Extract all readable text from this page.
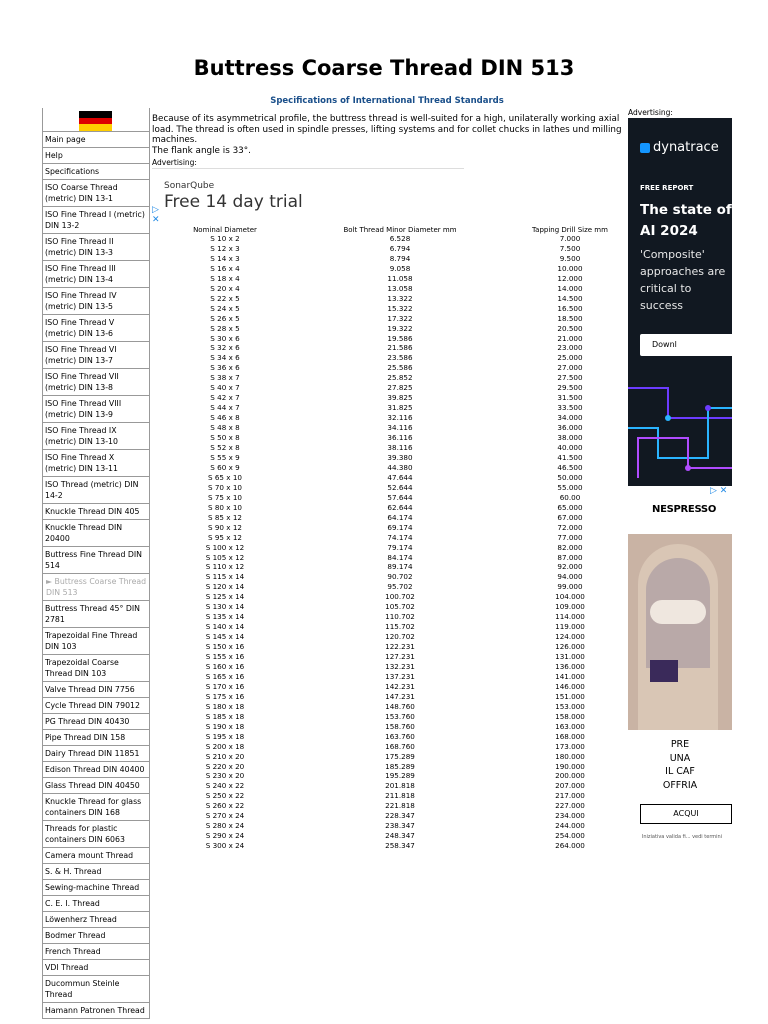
Buttress Coarse Thread DIN 513
Specifications of International Thread Standards
Main page
Help
Specifications
ISO Coarse Thread (metric) DIN 13-1
ISO Fine Thread I (metric) DIN 13-2
ISO Fine Thread II (metric) DIN 13-3
ISO Fine Thread III (metric) DIN 13-4
ISO Fine Thread IV (metric) DIN 13-5
ISO Fine Thread V (metric) DIN 13-6
ISO Fine Thread VI (metric) DIN 13-7
ISO Fine Thread VII (metric) DIN 13-8
ISO Fine Thread VIII (metric) DIN 13-9
ISO Fine Thread IX (metric) DIN 13-10
ISO Fine Thread X (metric) DIN 13-11
ISO Thread (metric) DIN 14-2
Knuckle Thread DIN 405
Knuckle Thread DIN 20400
Buttress Fine Thread DIN 514
► Buttress Coarse Thread DIN 513
Buttress Thread 45° DIN 2781
Trapezoidal Fine Thread DIN 103
Trapezoidal Coarse Thread DIN 103
Valve Thread DIN 7756
Cycle Thread DIN 79012
PG Thread DIN 40430
Pipe Thread DIN 158
Dairy Thread DIN 11851
Edison Thread DIN 40400
Glass Thread DIN 40450
Knuckle Thread for glass containers DIN 168
Threads for plastic containers DIN 6063
Camera mount Thread
S. & H. Thread
Sewing-machine Thread
C. E. I. Thread
Löwenherz Thread
Bodmer Thread
French Thread
VDI Thread
Ducommun Steinle Thread
Hamann Patronen Thread
Because of its asymmetrical profile, the buttress thread is well-suited for a high, unilaterally working axial load. The thread is often used in spindle presses, lifting systems and for collet chucks in lathes und milling machines.
The flank angle is 33°.
Advertising:
SonarQube
Free 14 day trial
▷
✕
Nominal Diameter	Bolt Thread Minor Diameter mm	Tapping Drill Size mm
S 10 x 2	6.528	7.000
S 12 x 3	6.794	7.500
S 14 x 3	8.794	9.500
S 16 x 4	9.058	10.000
S 18 x 4	11.058	12.000
S 20 x 4	13.058	14.000
S 22 x 5	13.322	14.500
S 24 x 5	15.322	16.500
S 26 x 5	17.322	18.500
S 28 x 5	19.322	20.500
S 30 x 6	19.586	21.000
S 32 x 6	21.586	23.000
S 34 x 6	23.586	25.000
S 36 x 6	25.586	27.000
S 38 x 7	25.852	27.500
S 40 x 7	27.825	29.500
S 42 x 7	39.825	31.500
S 44 x 7	31.825	33.500
S 46 x 8	32.116	34.000
S 48 x 8	34.116	36.000
S 50 x 8	36.116	38.000
S 52 x 8	38.116	40.000
S 55 x 9	39.380	41.500
S 60 x 9	44.380	46.500
S 65 x 10	47.644	50.000
S 70 x 10	52.644	55.000
S 75 x 10	57.644	60.00
S 80 x 10	62.644	65.000
S 85 x 12	64.174	67.000
S 90 x 12	69.174	72.000
S 95 x 12	74.174	77.000
S 100 x 12	79.174	82.000
S 105 x 12	84.174	87.000
S 110 x 12	89.174	92.000
S 115 x 14	90.702	94.000
S 120 x 14	95.702	99.000
S 125 x 14	100.702	104.000
S 130 x 14	105.702	109.000
S 135 x 14	110.702	114.000
S 140 x 14	115.702	119.000
S 145 x 14	120.702	124.000
S 150 x 16	122.231	126.000
S 155 x 16	127.231	131.000
S 160 x 16	132.231	136.000
S 165 x 16	137.231	141.000
S 170 x 16	142.231	146.000
S 175 x 16	147.231	151.000
S 180 x 18	148.760	153.000
S 185 x 18	153.760	158.000
S 190 x 18	158.760	163.000
S 195 x 18	163.760	168.000
S 200 x 18	168.760	173.000
S 210 x 20	175.289	180.000
S 220 x 20	185.289	190.000
S 230 x 20	195.289	200.000
S 240 x 22	201.818	207.000
S 250 x 22	211.818	217.000
S 260 x 22	221.818	227.000
S 270 x 24	228.347	234.000
S 280 x 24	238.347	244.000
S 290 x 24	248.347	254.000
S 300 x 24	258.347	264.000
Advertising:
dynatrace
FREE REPORT
The state of AI 2024
'Composite' approaches are critical to success
Downl
▷ ✕
NESPRESSO
PRE
UNA
IL CAF
OFFRIA
ACQUI
Iniziativa valida fi... vedi termini
